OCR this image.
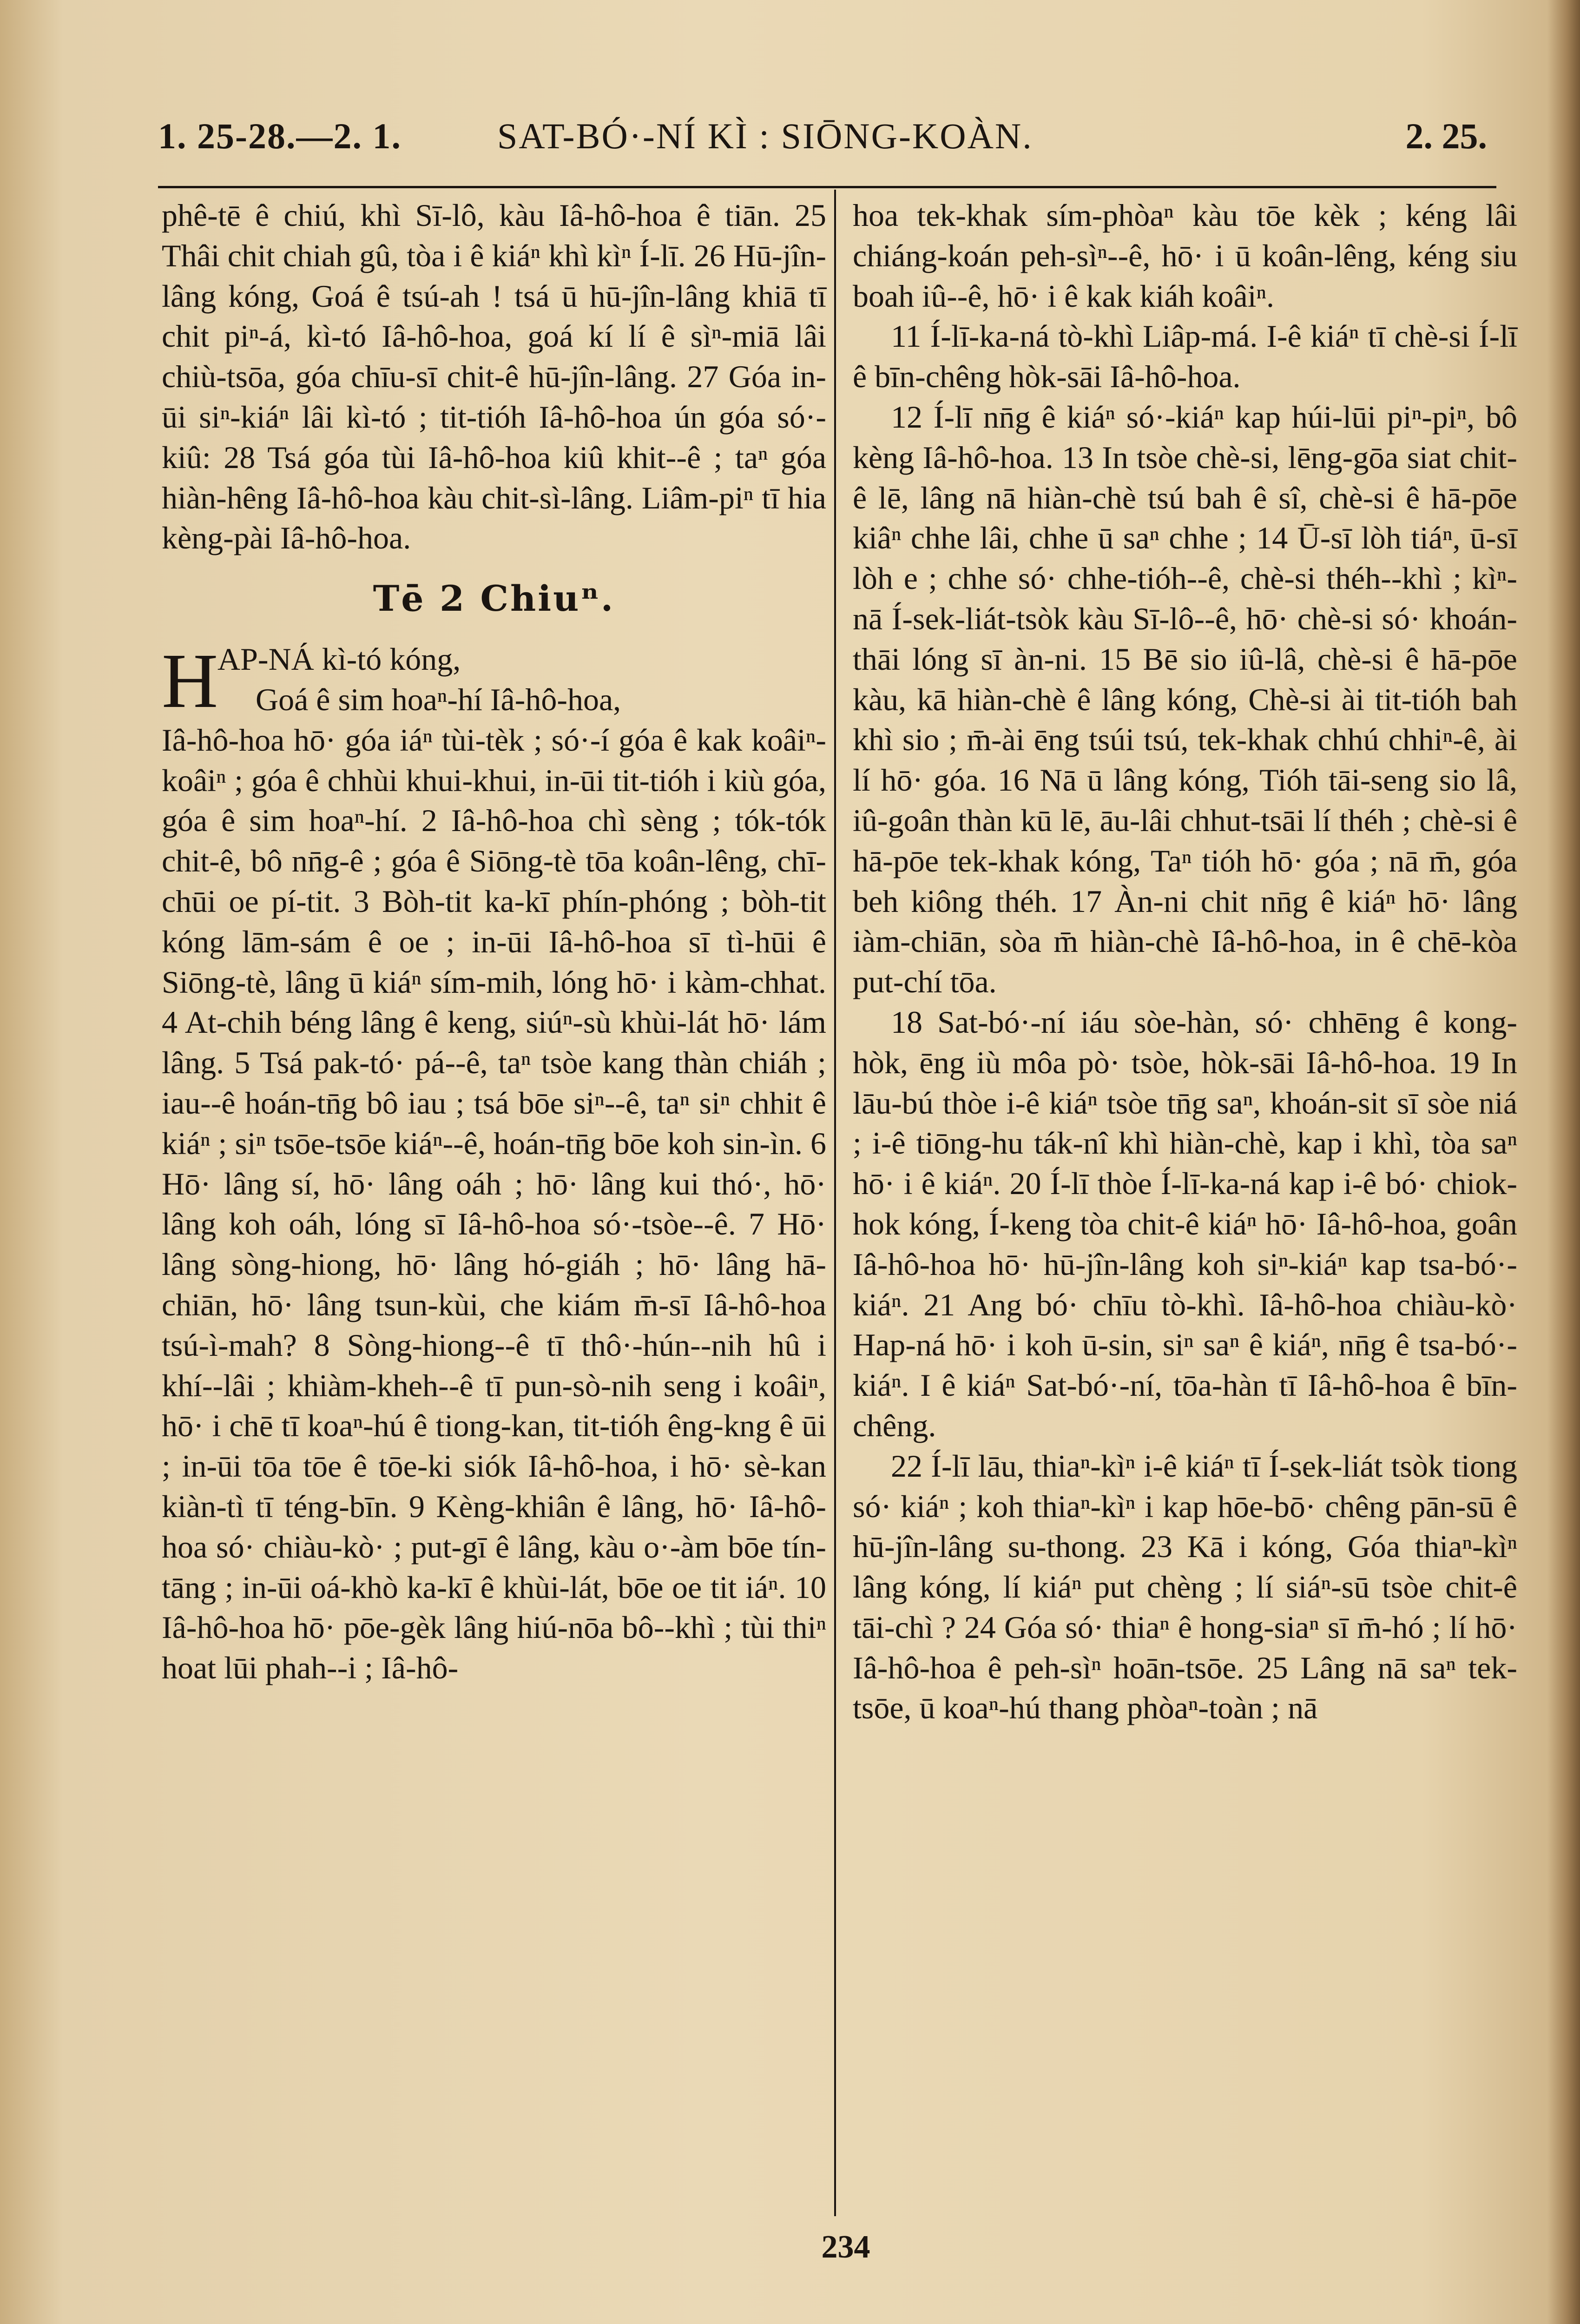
1. 25-28.—2. 1.	SAT-BÓ·-NÍ KÌ : SIŌNG-KOÀN.	2. 25.

phê-tē ê chiú, khì Sī-lô, kàu Iâ-hô-hoa ê tiān. 25 Thâi chit chiah gû, tòa i ê kiáⁿ khì kìⁿ Í-lī. 26 Hū-jîn-lâng kóng, Goá ê tsú-ah ! tsá ū hū-jîn-lâng khiā tī chit piⁿ-á, kì-tó Iâ-hô-hoa, goá kí lí ê sìⁿ-miā lâi chiù-tsōa, góa chīu-sī chit-ê hū-jîn-lâng. 27 Góa in-ūi siⁿ-kiáⁿ lâi kì-tó ; tit-tióh Iâ-hô-hoa ún góa só·-kiû: 28 Tsá góa tùi Iâ-hô-hoa kiû khit--ê ; taⁿ góa hiàn-hêng Iâ-hô-hoa kàu chit-sì-lâng. Liâm-piⁿ tī hia kèng-pài Iâ-hô-hoa.

Tē 2 Chiuⁿ.
H

AP-NÁ kì-tó kóng,

Goá ê sim hoaⁿ-hí Iâ-hô-hoa,

Iâ-hô-hoa hō· góa iáⁿ tùi-tèk ; só·-í góa ê kak koâiⁿ-koâiⁿ ; góa ê chhùi khui-khui, in-ūi tit-tióh i kiù góa, góa ê sim hoaⁿ-hí. 2 Iâ-hô-hoa chì sèng ; tók-tók chit-ê, bô nn̄g-ê ; góa ê Siōng-tè tōa koân-lêng, chī-chūi oe pí-tit. 3 Bòh-tit ka-kī phín-phóng ; bòh-tit kóng lām-sám ê oe ; in-ūi Iâ-hô-hoa sī tì-hūi ê Siōng-tè, lâng ū kiáⁿ sím-mih, lóng hō· i kàm-chhat. 4 At-chih béng lâng ê keng, siúⁿ-sù khùi-lát hō· lám lâng. 5 Tsá pak-tó· pá--ê, taⁿ tsòe kang thàn chiáh ; iau--ê hoán-tn̄g bô iau ; tsá bōe siⁿ--ê, taⁿ siⁿ chhit ê kiáⁿ ; siⁿ tsōe-tsōe kiáⁿ--ê, hoán-tn̄g bōe koh sin-ìn. 6 Hō· lâng sí, hō· lâng oáh ; hō· lâng kui thó·, hō· lâng koh oáh, lóng sī Iâ-hô-hoa só·-tsòe--ê. 7 Hō· lâng sòng-hiong, hō· lâng hó-giáh ; hō· lâng hā-chiān, hō· lâng tsun-kùi, che kiám m̄-sī Iâ-hô-hoa tsú-ì-mah? 8 Sòng-hiong--ê tī thô·-hún--nih hû i khí--lâi ; khiàm-kheh--ê tī pun-sò-nih seng i koâiⁿ, hō· i chē tī koaⁿ-hú ê tiong-kan, tit-tióh êng-kng ê ūi ; in-ūi tōa tōe ê tōe-ki siók Iâ-hô-hoa, i hō· sè-kan kiàn-tì tī téng-bīn. 9 Kèng-khiân ê lâng, hō· Iâ-hô-hoa só· chiàu-kò· ; put-gī ê lâng, kàu o·-àm bōe tín-tāng ; in-ūi oá-khò ka-kī ê khùi-lát, bōe oe tit iáⁿ. 10 Iâ-hô-hoa hō· pōe-gèk lâng hiú-nōa bô--khì ; tùi thiⁿ hoat lūi phah--i ; Iâ-hô-

hoa tek-khak sím-phòaⁿ kàu tōe kèk ; kéng lâi chiáng-koán peh-sìⁿ--ê, hō· i ū koân-lêng, kéng siu boah iû--ê, hō· i ê kak kiáh koâiⁿ.

11 Í-lī-ka-ná tò-khì Liâp-má. I-ê kiáⁿ tī chè-si Í-lī ê bīn-chêng hòk-sāi Iâ-hô-hoa.

12 Í-lī nn̄g ê kiáⁿ só·-kiáⁿ kap húi-lūi piⁿ-piⁿ, bô kèng Iâ-hô-hoa. 13 In tsòe chè-si, lēng-gōa siat chit-ê lē, lâng nā hiàn-chè tsú bah ê sî, chè-si ê hā-pōe kiâⁿ chhe lâi, chhe ū saⁿ chhe ; 14 Ū-sī lòh tiáⁿ, ū-sī lòh e ; chhe só· chhe-tióh--ê, chè-si théh--khì ; kìⁿ-nā Í-sek-liát-tsòk kàu Sī-lô--ê, hō· chè-si só· khoán-thāi lóng sī àn-ni. 15 Bē sio iû-lâ, chè-si ê hā-pōe kàu, kā hiàn-chè ê lâng kóng, Chè-si ài tit-tióh bah khì sio ; m̄-ài ēng tsúi tsú, tek-khak chhú chhiⁿ-ê, ài lí hō· góa. 16 Nā ū lâng kóng, Tióh tāi-seng sio lâ, iû-goân thàn kū lē, āu-lâi chhut-tsāi lí théh ; chè-si ê hā-pōe tek-khak kóng, Taⁿ tióh hō· góa ; nā m̄, góa beh kiông théh. 17 Àn-ni chit nn̄g ê kiáⁿ hō· lâng iàm-chiān, sòa m̄ hiàn-chè Iâ-hô-hoa, in ê chē-kòa put-chí tōa.

18 Sat-bó·-ní iáu sòe-hàn, só· chhēng ê kong-hòk, ēng iù môa pò· tsòe, hòk-sāi Iâ-hô-hoa. 19 In lāu-bú thòe i-ê kiáⁿ tsòe tn̄g saⁿ, khoán-sit sī sòe niá ; i-ê tiōng-hu ták-nî khì hiàn-chè, kap i khì, tòa saⁿ hō· i ê kiáⁿ. 20 Í-lī thòe Í-lī-ka-ná kap i-ê bó· chiok-hok kóng, Í-keng tòa chit-ê kiáⁿ hō· Iâ-hô-hoa, goân Iâ-hô-hoa hō· hū-jîn-lâng koh siⁿ-kiáⁿ kap tsa-bó·-kiáⁿ. 21 Ang bó· chīu tò-khì. Iâ-hô-hoa chiàu-kò· Hap-ná hō· i koh ū-sin, siⁿ saⁿ ê kiáⁿ, nn̄g ê tsa-bó·-kiáⁿ. I ê kiáⁿ Sat-bó·-ní, tōa-hàn tī Iâ-hô-hoa ê bīn-chêng.

22 Í-lī lāu, thiaⁿ-kìⁿ i-ê kiáⁿ tī Í-sek-liát tsòk tiong só· kiáⁿ ; koh thiaⁿ-kìⁿ i kap hōe-bō· chêng pān-sū ê hū-jîn-lâng su-thong. 23 Kā i kóng, Góa thiaⁿ-kìⁿ lâng kóng, lí kiáⁿ put chèng ; lí siáⁿ-sū tsòe chit-ê tāi-chì ? 24 Góa só· thiaⁿ ê hong-siaⁿ sī m̄-hó ; lí hō· Iâ-hô-hoa ê peh-sìⁿ hoān-tsōe. 25 Lâng nā saⁿ tek-tsōe, ū koaⁿ-hú thang phòaⁿ-toàn ; nā

234
